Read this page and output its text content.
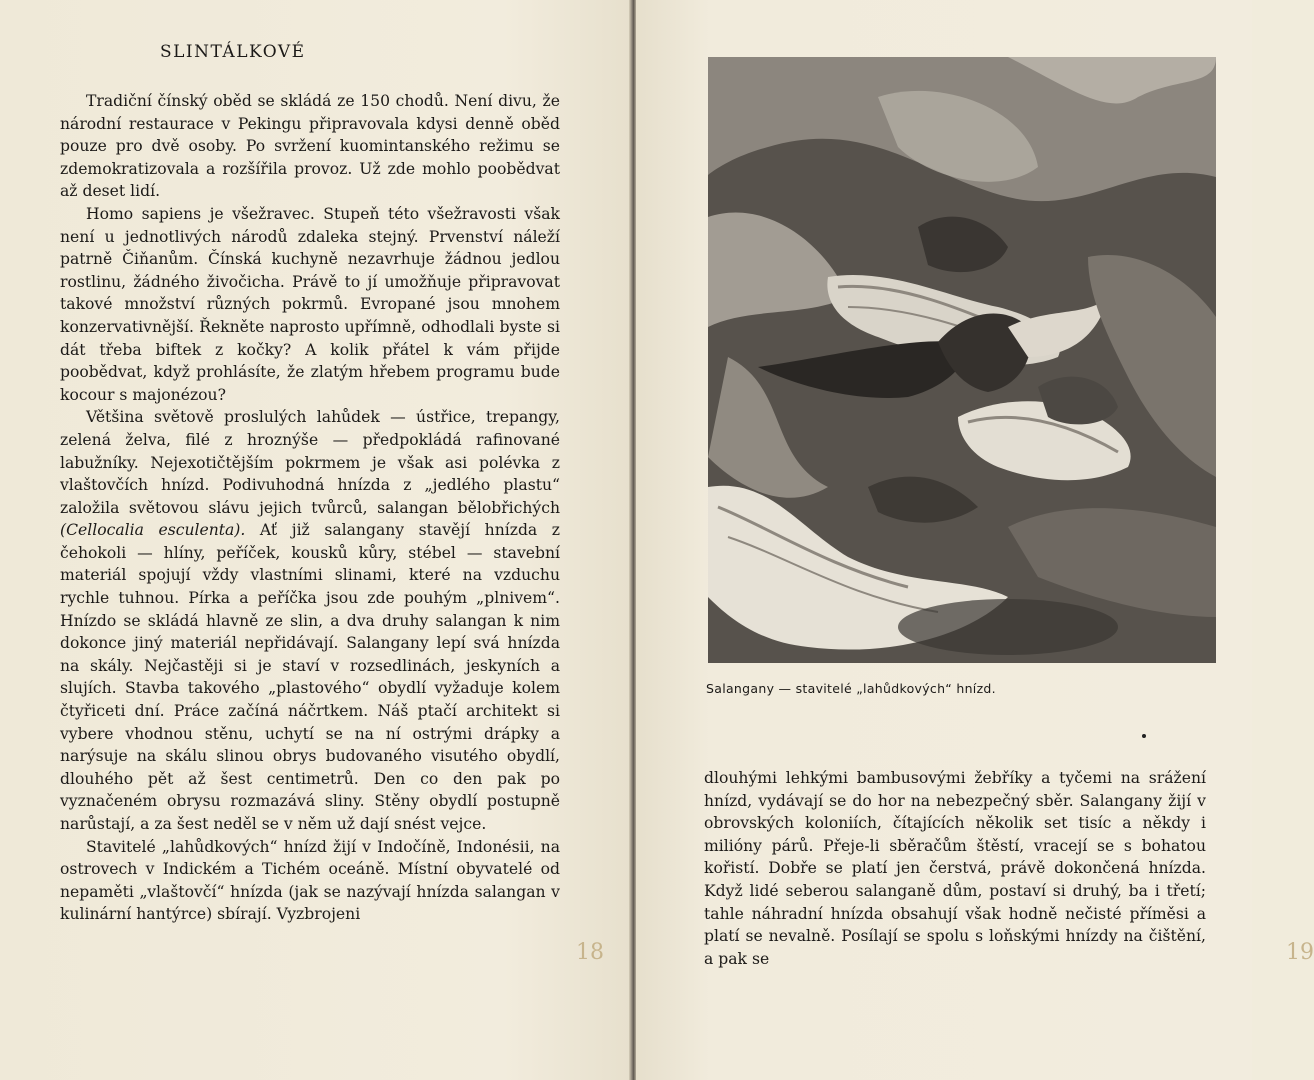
SLINTÁLKOVÉ

Tradiční čínský oběd se skládá ze 150 chodů. Není divu, že národní restaurace v Pekingu připravovala kdysi denně oběd pouze pro dvě osoby. Po svržení kuomintanského režimu se zdemokratizovala a rozšířila provoz. Už zde mohlo poobědvat až deset lidí.

Homo sapiens je všežravec. Stupeň této všežravosti však není u jednotlivých národů zdaleka stejný. Prvenství náleží patrně Čiňanům. Čínská kuchyně nezavrhuje žádnou jedlou rostlinu, žádného živočicha. Právě to jí umožňuje připravovat takové množství různých pokrmů. Evropané jsou mnohem konzervativnější. Řekněte naprosto upřímně, odhodlali byste si dát třeba biftek z kočky? A kolik přátel k vám přijde poobědvat, když prohlásíte, že zlatým hřebem programu bude kocour s majonézou?

Většina světově proslulých lahůdek — ústřice, trepangy, zelená želva, filé z hroznýše — předpokládá rafinované labužníky. Nejexotičtějším pokrmem je však asi polévka z vlaštovčích hnízd. Podivuhodná hnízda z „jedlého plastu“ založila světovou slávu jejich tvůrců, salangan bělobřichých (Cellocalia esculenta). Ať již salangany stavějí hnízda z čehokoli — hlíny, peříček, kousků kůry, stébel — stavební materiál spojují vždy vlastními slinami, které na vzduchu rychle tuhnou. Pírka a peříčka jsou zde pouhým „plnivem“. Hnízdo se skládá hlavně ze slin, a dva druhy salangan k nim dokonce jiný materiál nepřidávají. Salangany lepí svá hnízda na skály. Nejčastěji si je staví v rozsedlinách, jeskyních a slujích. Stavba takového „plastového“ obydlí vyžaduje kolem čtyřiceti dní. Práce začíná náčrtkem. Náš ptačí architekt si vybere vhodnou stěnu, uchytí se na ní ostrými drápky a narýsuje na skálu slinou obrys budovaného visutého obydlí, dlouhého pět až šest centimetrů. Den co den pak po vyznačeném obrysu rozmazává sliny. Stěny obydlí postupně narůstají, a za šest neděl se v něm už dají snést vejce.

Stavitelé „lahůdkových“ hnízd žijí v Indočíně, Indonésii, na ostrovech v Indickém a Tichém oceáně. Místní obyvatelé od nepaměti „vlaštovčí“ hnízda (jak se nazývají hnízda salangan v kulinární hantýrce) sbírají. Vyzbrojeni

18	19
Salangany — stavitelé „lahůdkových“ hnízd.

dlouhými lehkými bambusovými žebříky a tyčemi na srážení hnízd, vydávají se do hor na nebezpečný sběr. Salangany žijí v obrovských koloniích, čítajících několik set tisíc a někdy i milióny párů. Přeje-li sběračům štěstí, vracejí se s bohatou kořistí. Dobře se platí jen čerstvá, právě dokončená hnízda. Když lidé seberou salanganě dům, postaví si druhý, ba i třetí; tahle náhradní hnízda obsahují však hodně nečisté příměsi a platí se nevalně. Posílají se spolu s loňskými hnízdy na čištění, a pak se
